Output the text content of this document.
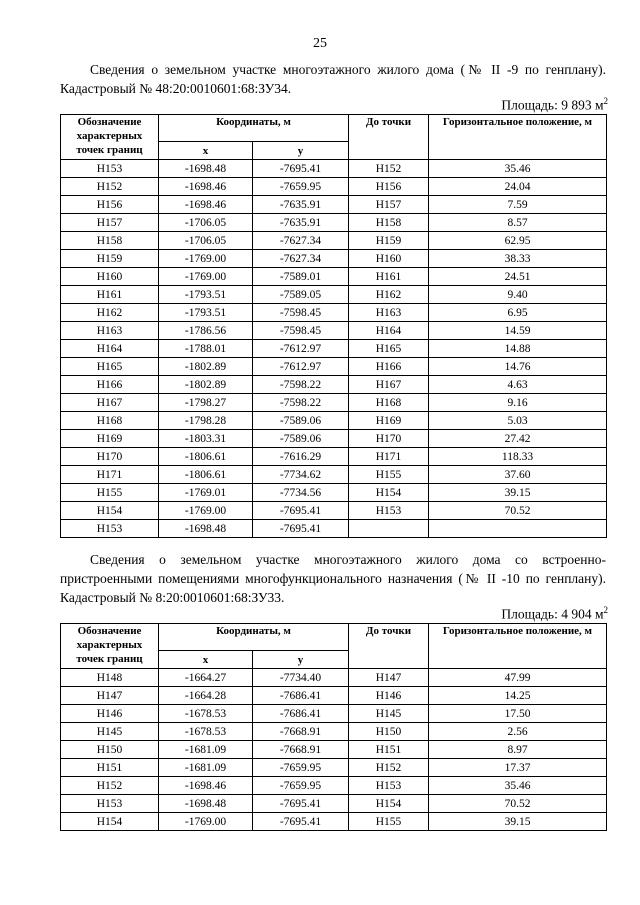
25
Сведения о земельном участке многоэтажного жилого дома (№ II -9 по генплану). Кадастровый № 48:20:0010601:68:ЗУ34.
Площадь: 9 893 $м^2$
Обозначение характерных точек границ	Координаты, м		До точки	Горизонтальное положение, м
	x	y		
Н153	-1698.48	-7695.41	Н152	35.46
Н152	-1698.46	-7659.95	Н156	24.04
Н156	-1698.46	-7635.91	Н157	7.59
Н157	-1706.05	-7635.91	Н158	8.57
Н158	-1706.05	-7627.34	Н159	62.95
Н159	-1769.00	-7627.34	Н160	38.33
Н160	-1769.00	-7589.01	Н161	24.51
Н161	-1793.51	-7589.05	Н162	9.40
Н162	-1793.51	-7598.45	Н163	6.95
Н163	-1786.56	-7598.45	Н164	14.59
Н164	-1788.01	-7612.97	Н165	14.88
Н165	-1802.89	-7612.97	Н166	14.76
Н166	-1802.89	-7598.22	Н167	4.63
Н167	-1798.27	-7598.22	Н168	9.16
Н168	-1798.28	-7589.06	Н169	5.03
Н169	-1803.31	-7589.06	Н170	27.42
Н170	-1806.61	-7616.29	Н171	118.33
Н171	-1806.61	-7734.62	Н155	37.60
Н155	-1769.01	-7734.56	Н154	39.15
Н154	-1769.00	-7695.41	Н153	70.52
Н153	-1698.48	-7695.41		
Сведения о земельном участке многоэтажного жилого дома со встроенно-пристроенными помещениями многофункционального назначения (№ II -10 по генплану). Кадастровый № 8:20:0010601:68:ЗУ33.
Площадь: 4 904 $м^2$
Обозначение характерных точек границ	Координаты, м		До точки	Горизонтальное положение, м
	x	y		
Н148	-1664.27	-7734.40	Н147	47.99
Н147	-1664.28	-7686.41	Н146	14.25
Н146	-1678.53	-7686.41	Н145	17.50
Н145	-1678.53	-7668.91	Н150	2.56
Н150	-1681.09	-7668.91	Н151	8.97
Н151	-1681.09	-7659.95	Н152	17.37
Н152	-1698.46	-7659.95	Н153	35.46
Н153	-1698.48	-7695.41	Н154	70.52
Н154	-1769.00	-7695.41	Н155	39.15
